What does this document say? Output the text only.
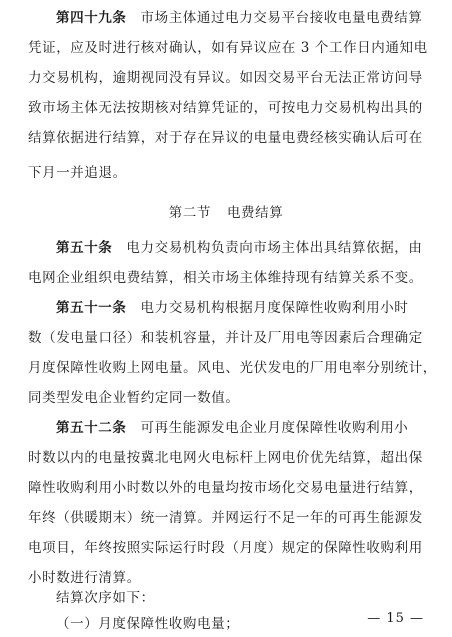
第四十九条 市场主体通过电力交易平台接收电量电费结算
凭证，应及时进行核对确认，如有异议应在 3 个工作日内通知电
力交易机构，逾期视同没有异议。如因交易平台无法正常访问导
致市场主体无法按期核对结算凭证的，可按电力交易机构出具的
结算依据进行结算，对于存在异议的电量电费经核实确认后可在
下月一并追退。
第二节 电费结算
第五十条 电力交易机构负责向市场主体出具结算依据，由
电网企业组织电费结算，相关市场主体维持现有结算关系不变。
第五十一条 电力交易机构根据月度保障性收购利用小时
数（发电量口径）和装机容量，并计及厂用电等因素后合理确定
月度保障性收购上网电量。风电、光伏发电的厂用电率分别统计，
同类型发电企业暂约定同一数值。
第五十二条 可再生能源发电企业月度保障性收购利用小
时数以内的电量按冀北电网火电标杆上网电价优先结算，超出保
障性收购利用小时数以外的电量均按市场化交易电量进行结算，
年终（供暖期末）统一清算。并网运行不足一年的可再生能源发
电项目，年终按照实际运行时段（月度）规定的保障性收购利用
小时数进行清算。
结算次序如下：
（一）月度保障性收购电量；	— 15 —
